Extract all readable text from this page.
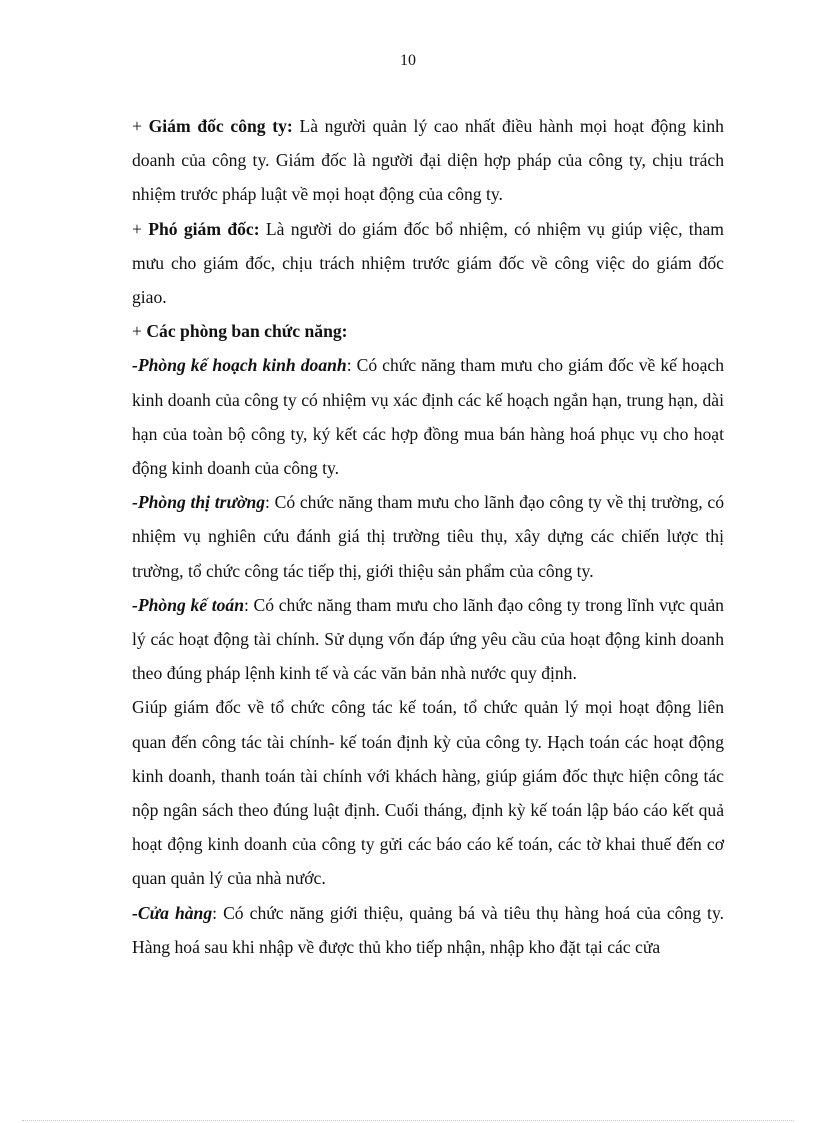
10

+ Giám đốc công ty: Là người quản lý cao nhất điều hành mọi hoạt động kinh doanh của công ty. Giám đốc là người đại diện hợp pháp của công ty, chịu trách nhiệm trước pháp luật về mọi hoạt động của công ty.

+ Phó giám đốc: Là người do giám đốc bổ nhiệm, có nhiệm vụ giúp việc, tham mưu cho giám đốc, chịu trách nhiệm trước giám đốc về công việc do giám đốc giao.

+ Các phòng ban chức năng:

-Phòng kế hoạch kinh doanh: Có chức năng tham mưu cho giám đốc về kế hoạch kinh doanh của công ty có nhiệm vụ xác định các kế hoạch ngắn hạn, trung hạn, dài hạn của toàn bộ công ty, ký kết các hợp đồng mua bán hàng hoá phục vụ cho hoạt động kinh doanh của công ty.

-Phòng thị trường: Có chức năng tham mưu cho lãnh đạo công ty về thị trường, có nhiệm vụ nghiên cứu đánh giá thị trường tiêu thụ, xây dựng các chiến lược thị trường, tổ chức công tác tiếp thị, giới thiệu sản phẩm của công ty.

-Phòng kế toán: Có chức năng tham mưu cho lãnh đạo công ty trong lĩnh vực quản lý các hoạt động tài chính. Sử dụng vốn đáp ứng yêu cầu của hoạt động kinh doanh theo đúng pháp lệnh kinh tế và các văn bản nhà nước quy định.

Giúp giám đốc về tổ chức công tác kế toán, tổ chức quản lý mọi hoạt động liên quan đến công tác tài chính- kế toán định kỳ của công ty. Hạch toán các hoạt động kinh doanh, thanh toán tài chính với khách hàng, giúp giám đốc thực hiện công tác nộp ngân sách theo đúng luật định. Cuối tháng, định kỳ kế toán lập báo cáo kết quả hoạt động kinh doanh của công ty gửi các báo cáo kế toán, các tờ khai thuế đến cơ quan quản lý của nhà nước.

-Cửa hàng: Có chức năng giới thiệu, quảng bá và tiêu thụ hàng hoá của công ty. Hàng hoá sau khi nhập về được thủ kho tiếp nhận, nhập kho đặt tại các cửa
